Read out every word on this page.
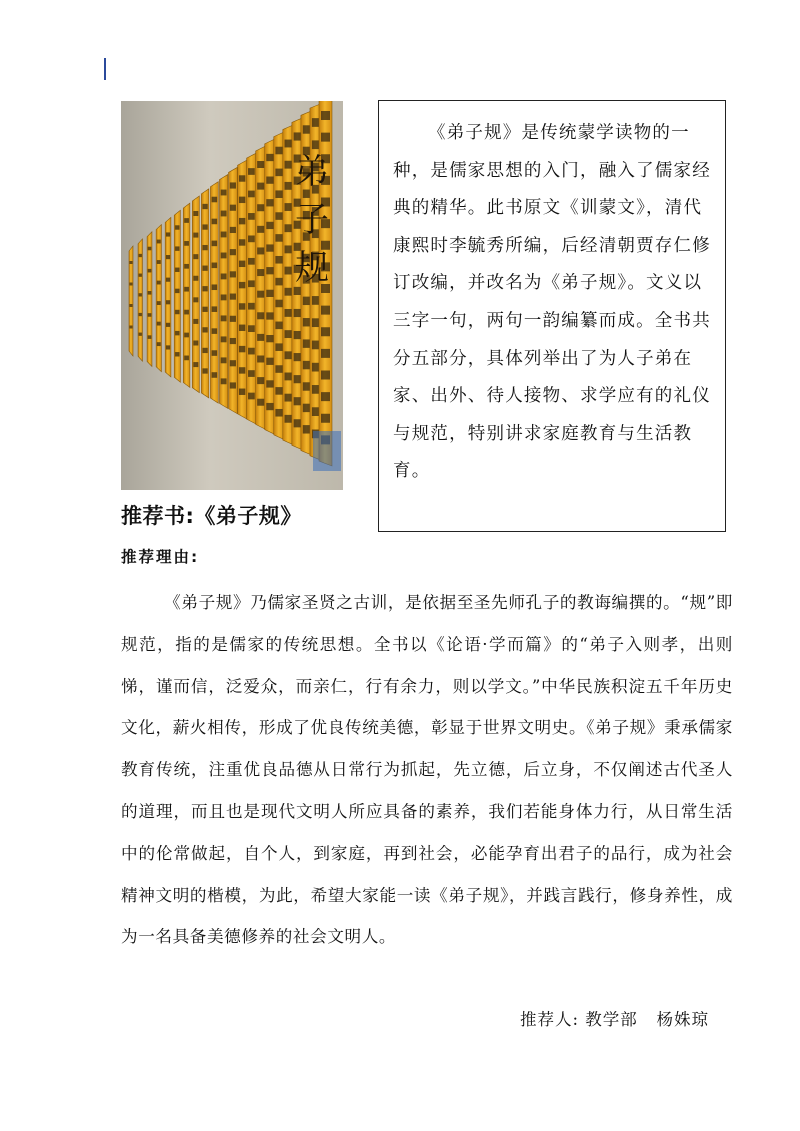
弟
子
规
《弟子规》是传统蒙学读物的一种，是儒家思想的入门，融入了儒家经典的精华。此书原文《训蒙文》，清代康熙时李毓秀所编，后经清朝贾存仁修订改编，并改名为《弟子规》。文义以三字一句，两句一韵编纂而成。全书共分五部分，具体列举出了为人子弟在家、出外、待人接物、求学应有的礼仪与规范，特别讲求家庭教育与生活教育。
推荐书:《弟子规》
推荐理由:
《弟子规》乃儒家圣贤之古训，是依据至圣先师孔子的教诲编撰的。“规”即规范，指的是儒家的传统思想。全书以《论语·学而篇》的“弟子入则孝，出则悌，谨而信，泛爱众，而亲仁，行有余力，则以学文。”中华民族积淀五千年历史文化，薪火相传，形成了优良传统美德，彰显于世界文明史。《弟子规》秉承儒家教育传统，注重优良品德从日常行为抓起，先立德，后立身，不仅阐述古代圣人的道理，而且也是现代文明人所应具备的素养，我们若能身体力行，从日常生活中的伦常做起，自个人，到家庭，再到社会，必能孕育出君子的品行，成为社会精神文明的楷模，为此，希望大家能一读《弟子规》，并践言践行，修身养性，成为一名具备美德修养的社会文明人。
推荐人: 教学部   杨姝琼
